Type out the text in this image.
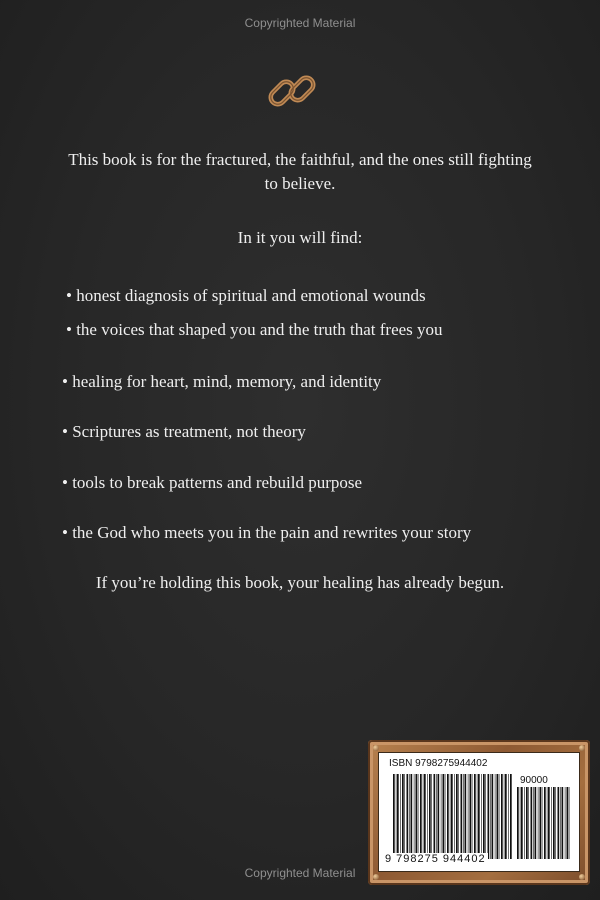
Copyrighted Material

This book is for the fractured, the faithful, and the ones still fighting to believe.

In it you will find:

• honest diagnosis of spiritual and emotional wounds

• the voices that shaped you and the truth that frees you

• healing for heart, mind, memory, and identity

• Scriptures as treatment, not theory

• tools to break patterns and rebuild purpose

• the God who meets you in the pain and rewrites your story

If you’re holding this book, your healing has already begun.

ISBN 9798275944402
90000
9 798275 944402
Copyrighted Material
